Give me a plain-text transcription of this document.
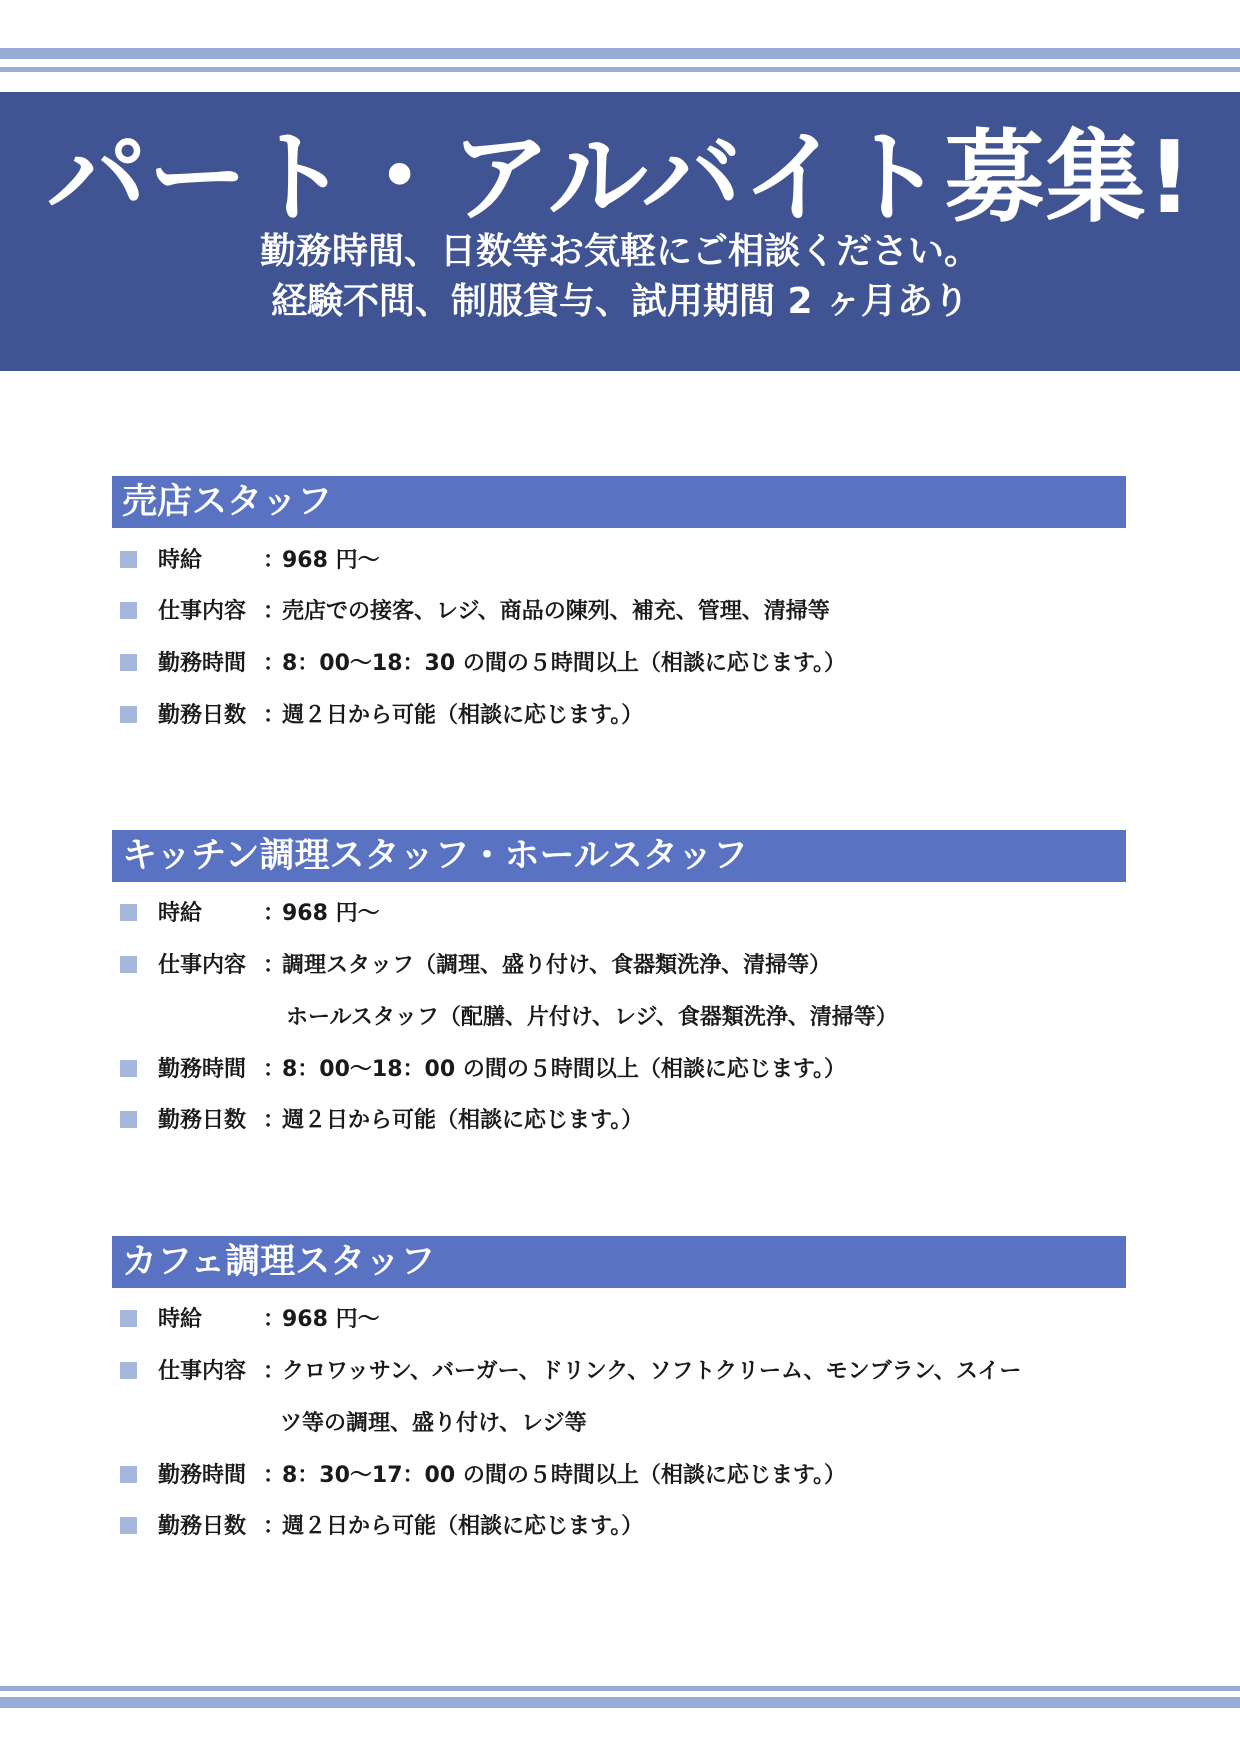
パート・アルバイト募集!
勤務時間、日数等お気軽にご相談ください。
経験不問、制服貸与、試用期間 2 ヶ月あり
売店スタッフ
時給	：
968 円～
仕事内容 ：
売店での接客、レジ、商品の陳列、補充、管理、清掃等
勤務時間 ：
8：00～18：30 の間の５時間以上（相談に応じます。）
勤務日数 ：
週２日から可能（相談に応じます。）
キッチン調理スタッフ・ホールスタッフ
時給	：
968 円～
仕事内容 ：
調理スタッフ（調理、盛り付け、食器類洗浄、清掃等）
ホールスタッフ（配膳、片付け、レジ、食器類洗浄、清掃等）
勤務時間 ：
8：00～18：00 の間の５時間以上（相談に応じます。）
勤務日数 ：
週２日から可能（相談に応じます。）
カフェ調理スタッフ
時給	：
968 円～
仕事内容 ：
クロワッサン、バーガー、ドリンク、ソフトクリーム、モンブラン、スイー
ツ等の調理、盛り付け、レジ等
勤務時間 ：
8：30～17：00 の間の５時間以上（相談に応じます。）
勤務日数 ：
週２日から可能（相談に応じます。）
